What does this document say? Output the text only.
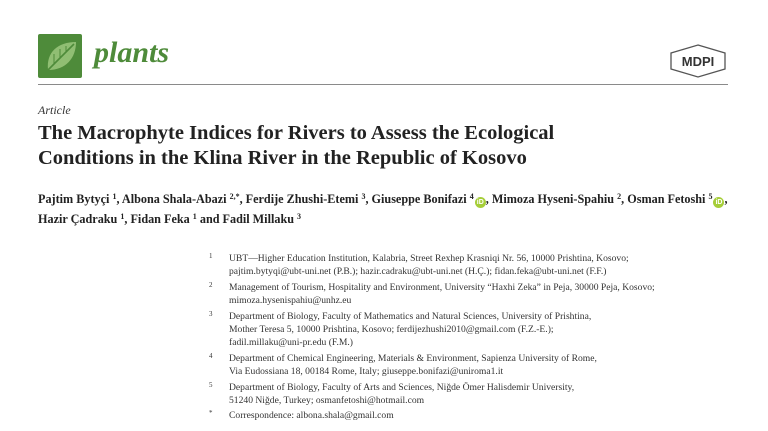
plants	MDPI
Article
The Macrophyte Indices for Rivers to Assess the Ecological
Conditions in the Klina River in the Republic of Kosovo
Pajtim Bytyçi $^1$, Albona Shala-Abazi $^{2,*}$, Ferdije Zhushi-Etemi $^3$, Giuseppe Bonifazi $^4$iD , Mimoza Hyseni-Spahiu $^2$, Osman Fetoshi $^5$iD , Hazir Çadraku $^1$, Fidan Feka $^1$ and Fadil Millaku $^3$
1 UBT—Higher Education Institution, Kalabria, Street Rexhep Krasniqi Nr. 56, 10000 Prishtina, Kosovo;
pajtim.bytyqi@ubt-uni.net (P.B.); hazir.cadraku@ubt-uni.net (H.Ç.); fidan.feka@ubt-uni.net (F.F.)
2 Management of Tourism, Hospitality and Environment, University “Haxhi Zeka” in Peja, 30000 Peja, Kosovo;
mimoza.hysenispahiu@unhz.eu
3 Department of Biology, Faculty of Mathematics and Natural Sciences, University of Prishtina,
Mother Teresa 5, 10000 Prishtina, Kosovo; ferdijezhushi2010@gmail.com (F.Z.-E.);
fadil.millaku@uni-pr.edu (F.M.)
4 Department of Chemical Engineering, Materials & Environment, Sapienza University of Rome,
Via Eudossiana 18, 00184 Rome, Italy; giuseppe.bonifazi@uniroma1.it
5 Department of Biology, Faculty of Arts and Sciences, Niğde Ömer Halisdemir University,
51240 Niğde, Turkey; osmanfetoshi@hotmail.com
* Correspondence: albona.shala@gmail.com
